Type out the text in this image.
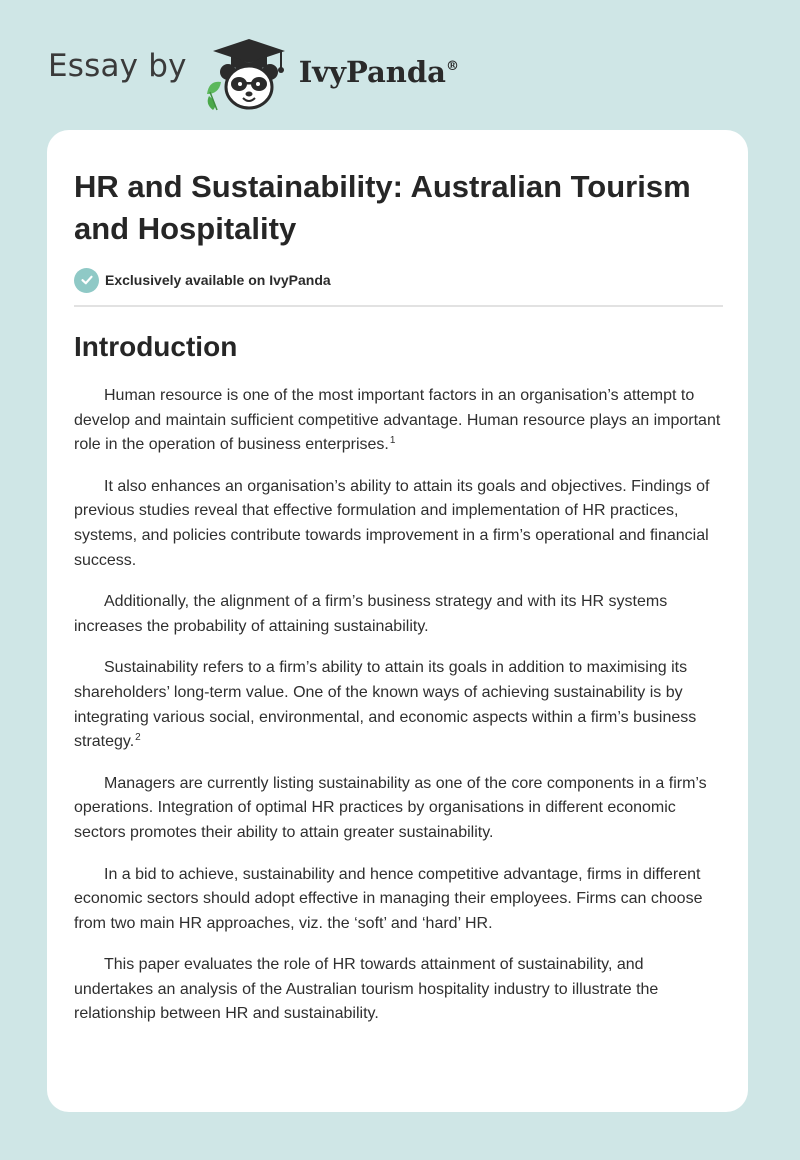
Essay by	IvyPanda®
HR and Sustainability: Australian Tourism and Hospitality
Exclusively available on IvyPanda
Introduction

Human resource is one of the most important factors in an organisation’s attempt to develop and maintain sufficient competitive advantage. Human resource plays an important role in the operation of business enterprises.$^1$

It also enhances an organisation’s ability to attain its goals and objectives. Findings of previous studies reveal that effective formulation and implementation of HR practices, systems, and policies contribute towards improvement in a firm’s operational and financial success.

Additionally, the alignment of a firm’s business strategy and with its HR systems increases the probability of attaining sustainability.

Sustainability refers to a firm’s ability to attain its goals in addition to maximising its shareholders’ long-term value. One of the known ways of achieving sustainability is by integrating various social, environmental, and economic aspects within a firm’s business strategy.$^2$

Managers are currently listing sustainability as one of the core components in a firm’s operations. Integration of optimal HR practices by organisations in different economic sectors promotes their ability to attain greater sustainability.

In a bid to achieve, sustainability and hence competitive advantage, firms in different economic sectors should adopt effective in managing their employees. Firms can choose from two main HR approaches, viz. the ‘soft’ and ‘hard’ HR.

This paper evaluates the role of HR towards attainment of sustainability, and undertakes an analysis of the Australian tourism hospitality industry to illustrate the relationship between HR and sustainability.
